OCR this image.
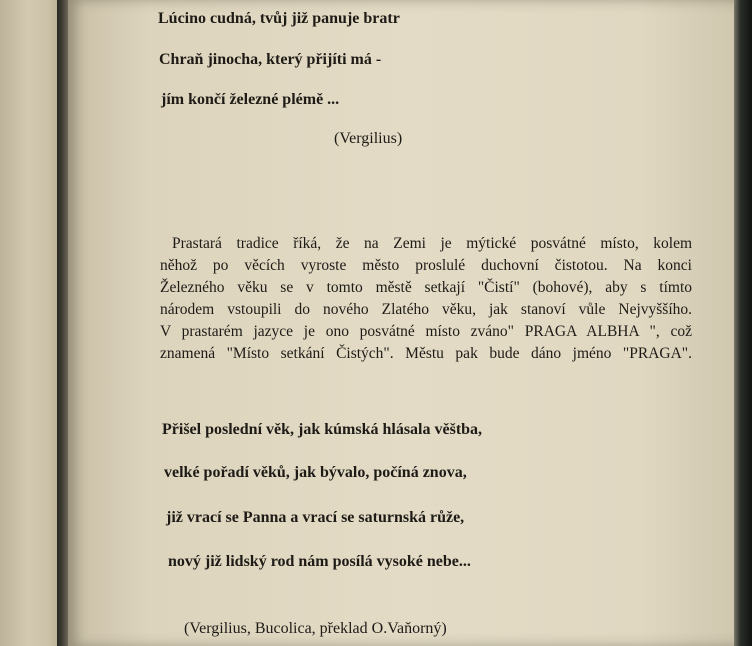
Lúcino cudná, tvůj již panuje bratr

Chraň jinocha, který přijíti má -

jím končí železné plémě ...

(Vergilius)

Prastará tradice říká, že na Zemi je mýtické posvátné místo, kolem
něhož po věcích vyroste město proslulé duchovní čistotou. Na konci
Železného věku se v tomto městě setkají "Čistí" (bohové), aby s tímto
národem vstoupili do nového Zlatého věku, jak stanoví vůle Nejvyššího.
V prastarém jazyce je ono posvátné místo zváno" PRAGA ALBHA ", což
znamená "Místo setkání Čistých". Městu pak bude dáno jméno "PRAGA".

Přišel poslední věk, jak kúmská hlásala věštba,

velké pořadí věků, jak bývalo, počíná znova,

již vrací se Panna a vrací se saturnská růže,

nový již lidský rod nám posílá vysoké nebe...

(Vergilius, Bucolica, překlad O.Vaňorný)
